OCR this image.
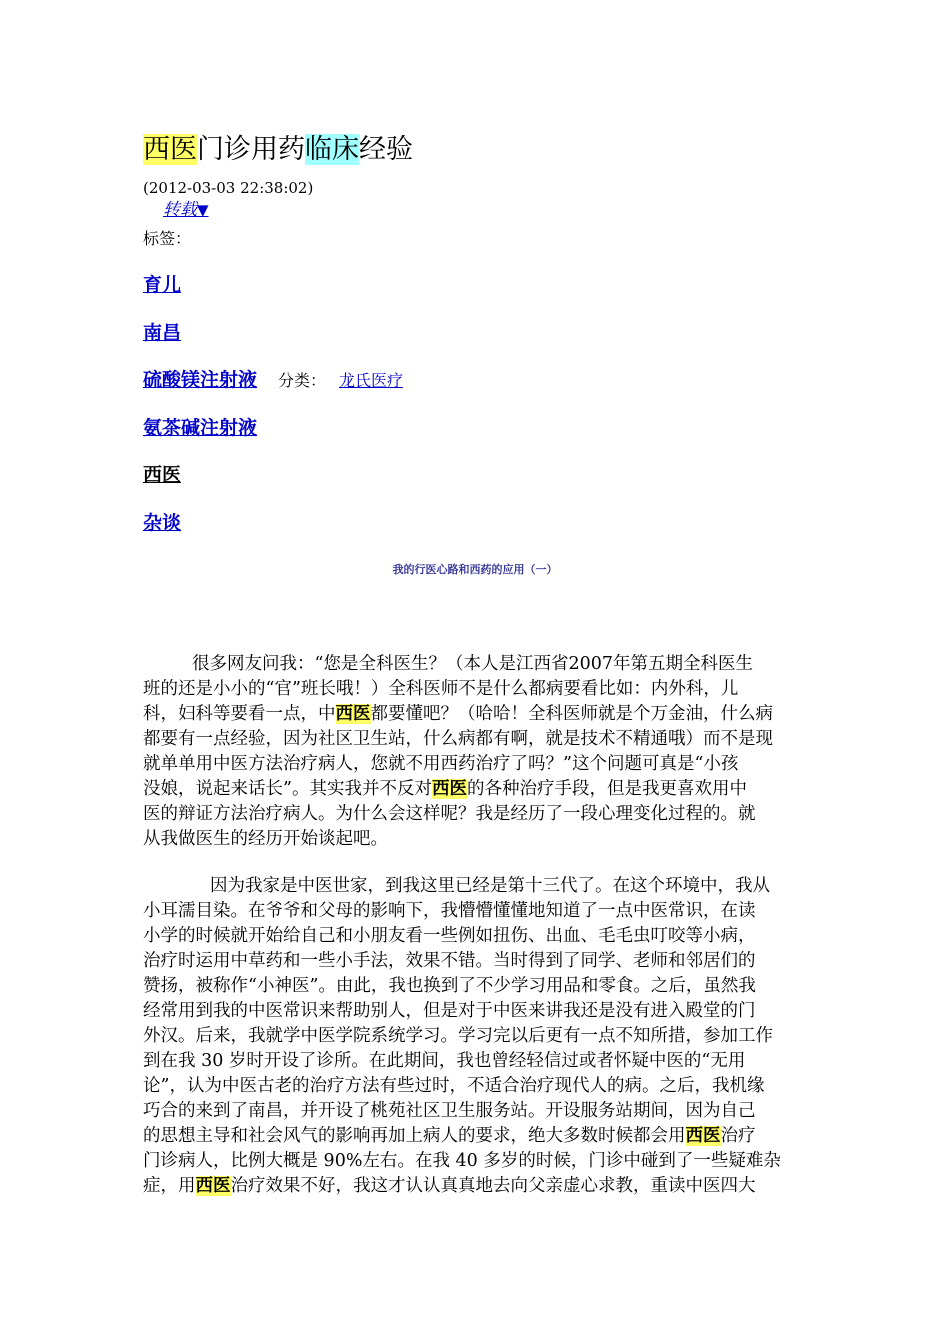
西医门诊用药临床经验
(2012-03-03 22:38:02)
转载▼
标签：
育儿
南昌
硫酸镁注射液 分类： 龙氏医疗
氨茶碱注射液
西医
杂谈
我的行医心路和西药的应用（一）
很多网友问我：“您是全科医生？（本人是江西省2007年第五期全科医生
班的还是小小的“官”班长哦！）全科医师不是什么都病要看比如：内外科，儿
科，妇科等要看一点，中西医都要懂吧？（哈哈！全科医师就是个万金油，什么病
都要有一点经验，因为社区卫生站，什么病都有啊，就是技术不精通哦）而不是现
就单单用中医方法治疗病人，您就不用西药治疗了吗？”这个问题可真是“小孩
没娘，说起来话长”。其实我并不反对西医的各种治疗手段，但是我更喜欢用中
医的辩证方法治疗病人。为什么会这样呢？我是经历了一段心理变化过程的。就
从我做医生的经历开始谈起吧。
因为我家是中医世家，到我这里已经是第十三代了。在这个环境中，我从
小耳濡目染。在爷爷和父母的影响下，我懵懵懂懂地知道了一点中医常识，在读
小学的时候就开始给自己和小朋友看一些例如扭伤、出血、毛毛虫叮咬等小病，
治疗时运用中草药和一些小手法，效果不错。当时得到了同学、老师和邻居们的
赞扬，被称作“小神医”。由此，我也换到了不少学习用品和零食。之后，虽然我
经常用到我的中医常识来帮助别人，但是对于中医来讲我还是没有进入殿堂的门
外汉。后来，我就学中医学院系统学习。学习完以后更有一点不知所措，参加工作
到在我 30 岁时开设了诊所。在此期间，我也曾经轻信过或者怀疑中医的“无用
论”，认为中医古老的治疗方法有些过时，不适合治疗现代人的病。之后，我机缘
巧合的来到了南昌，并开设了桃苑社区卫生服务站。开设服务站期间，因为自己
的思想主导和社会风气的影响再加上病人的要求，绝大多数时候都会用西医治疗
门诊病人，比例大概是 90%左右。在我 40 多岁的时候，门诊中碰到了一些疑难杂
症，用西医治疗效果不好，我这才认认真真地去向父亲虚心求教，重读中医四大
